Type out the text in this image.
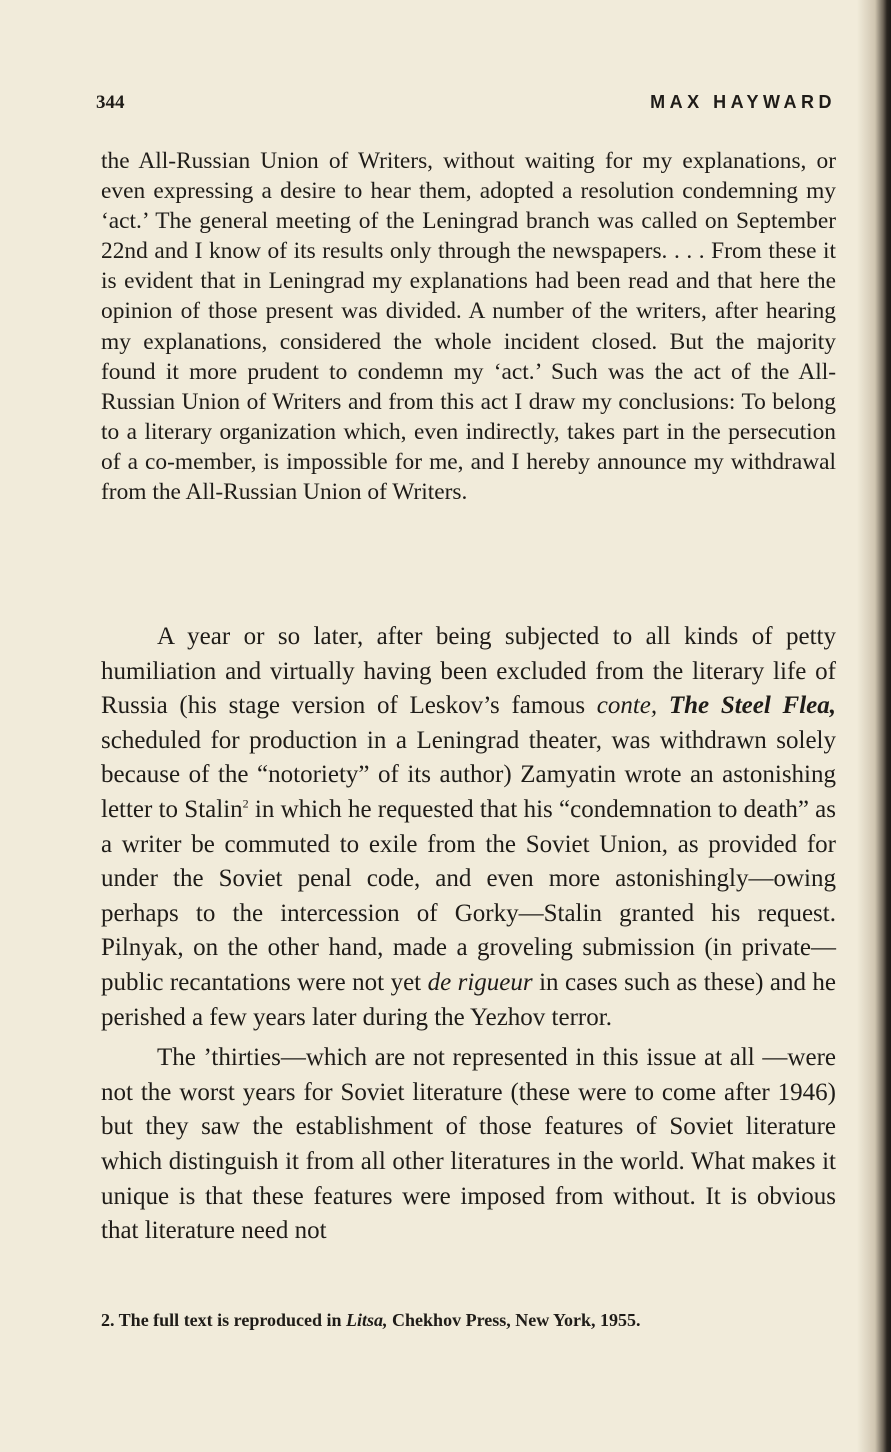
344	MAX HAYWARD
the All-Russian Union of Writers, without waiting for my explanations, or even expressing a desire to hear them, adopted a resolution condemning my ‘act.’ The general meeting of the Leningrad branch was called on September 22nd and I know of its results only through the newspapers. . . . From these it is evident that in Leningrad my explanations had been read and that here the opinion of those present was divided. A number of the writers, after hearing my explanations, considered the whole incident closed. But the majority found it more prudent to condemn my ‘act.’ Such was the act of the All-Russian Union of Writers and from this act I draw my conclusions: To belong to a literary organization which, even indirectly, takes part in the persecution of a co-member, is impossible for me, and I hereby announce my withdrawal from the All-Russian Union of Writers.

A year or so later, after being subjected to all kinds of petty humiliation and virtually having been excluded from the literary life of Russia (his stage version of Leskov’s famous conte, The Steel Flea, scheduled for production in a Leningrad theater, was withdrawn solely because of the “notoriety” of its author) Zamyatin wrote an astonishing letter to Stalin$^2$ in which he requested that his “condemnation to death” as a writer be commuted to exile from the Soviet Union, as provided for under the Soviet penal code, and even more astonishingly—owing perhaps to the intercession of Gorky—Stalin granted his request. Pilnyak, on the other hand, made a groveling submission (in private—public recantations were not yet de rigueur in cases such as these) and he perished a few years later during the Yezhov terror.

The ’thirties—which are not represented in this issue at all —were not the worst years for Soviet literature (these were to come after 1946) but they saw the establishment of those features of Soviet literature which distinguish it from all other literatures in the world. What makes it unique is that these features were imposed from without. It is obvious that literature need not

2. The full text is reproduced in Litsa, Chekhov Press, New York, 1955.
